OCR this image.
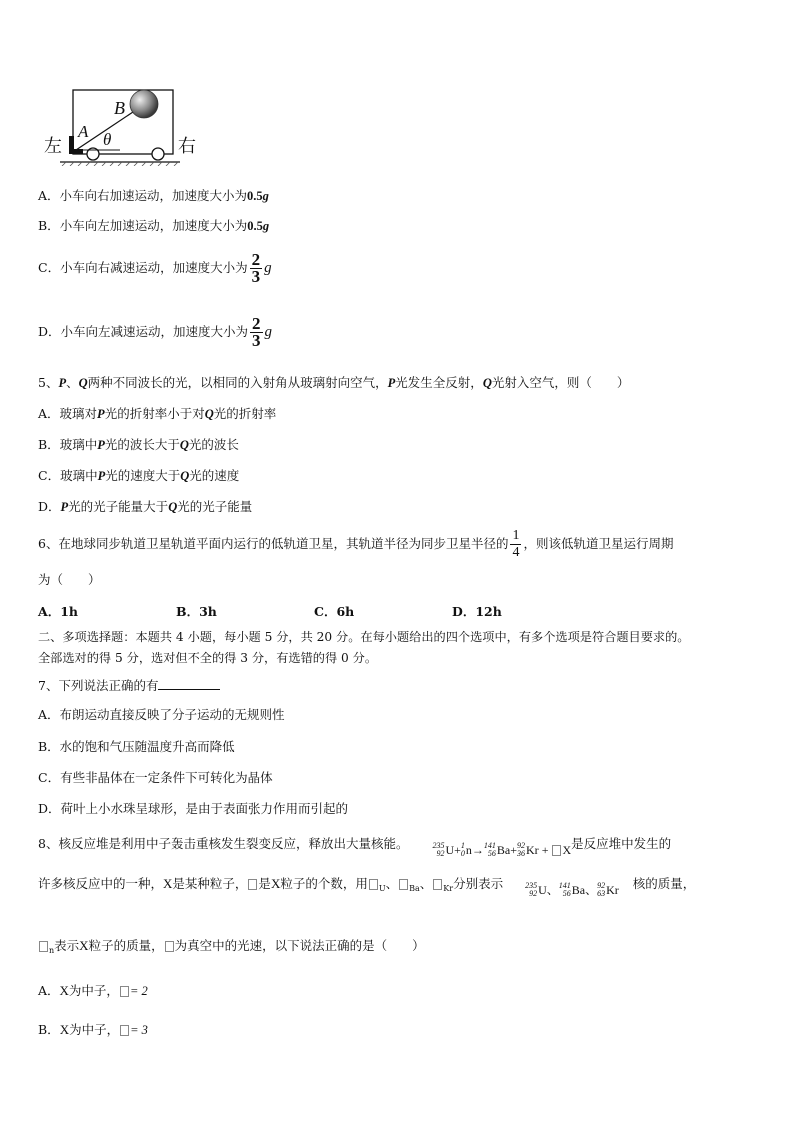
左	右
A
B
θ
A．小车向右加速运动，加速度大小为0.5g
B．小车向左加速运动，加速度大小为0.5g
C．小车向右减速运动，加速度大小为 $\frac{2}{3}$ g
D．小车向左减速运动，加速度大小为 $\frac{2}{3}$ g
5、P、Q两种不同波长的光，以相同的入射角从玻璃射向空气，P光发生全反射，Q光射入空气，则（　　）
A．玻璃对P光的折射率小于对Q光的折射率
B．玻璃中P光的波长大于Q光的波长
C．玻璃中P光的速度大于Q光的速度
D．P光的光子能量大于Q光的光子能量
6、在地球同步轨道卫星轨道平面内运行的低轨道卫星，其轨道半径为同步卫星半径的 $\frac{1}{4}$ ，则该低轨道卫星运行周期
为（　　）
A．1h	B．3h	C．6h	D．12h
二、多项选择题：本题共 4 小题，每小题 5 分，共 20 分。在每小题给出的四个选项中，有多个选项是符合题目要求的。
全部选对的得 5 分，选对但不全的得 3 分，有选错的得 0 分。
7、下列说法正确的有
A．布朗运动直接反映了分子运动的无规则性
B．水的饱和气压随温度升高而降低
C．有些非晶体在一定条件下可转化为晶体
D．荷叶上小水珠呈球形，是由于表面张力作用而引起的
8、核反应堆是利用中子轰击重核发生裂变反应，释放出大量核能。	235
92 U + 1
0 n → 141
56 Ba + 92
36 Kr
+
X 是反应堆中发生的
许多核反应中的一种，X是某种粒子， 是X粒子的个数，用 $_U$、 $_{Ba}$、 $_{Kr}$分别表示	235
92 U 、 141
56 Ba 、 92
63 Kr 核的质量，
$_n$表示X粒子的质量， 为真空中的光速，以下说法正确的是（　　）
A．X为中子， = 2
B．X为中子， = 3
